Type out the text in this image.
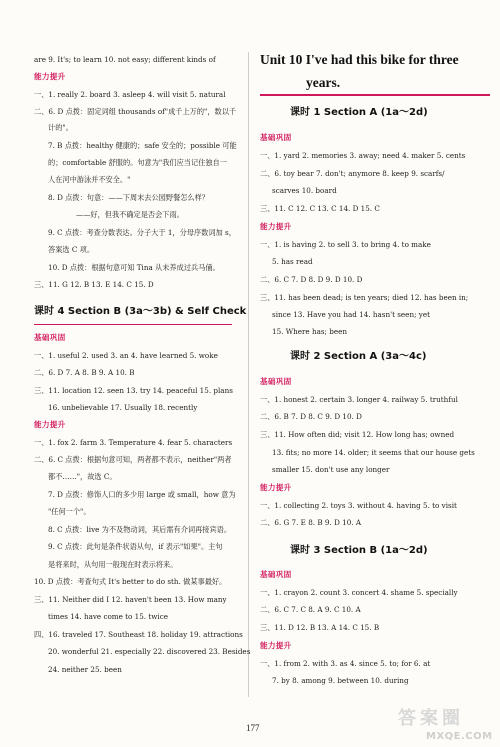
are 9. It's; to learn 10. not easy; different kinds of
能力提升
一、1. really 2. board 3. asleep 4. will visit 5. natural
二、6. D 点拨：固定词组 thousands of"成千上万的"，数以千
计的"。
7. B 点拨：healthy 健康的；safe 安全的；possible 可能
的；comfortable 舒服的。句意为"我们应当记住独自一
人在河中游泳并不安全。"
8. D 点拨：句意：——下周末去公园野餐怎么样？
——好，但我不确定是否会下雨。
9. C 点拨：考查分数表达。分子大于 1，分母序数词加 s，
答案选 C 项。
10. D 点拨：根据句意可知 Tina 从未养成过兵马俑。
三、11. G 12. B 13. E 14. C 15. D
课时 4 Section B (3a～3b) & Self Check
基础巩固
一、1. useful 2. used 3. an 4. have learned 5. woke
二、6. D 7. A 8. B 9. A 10. B
三、11. location 12. seen 13. try 14. peaceful 15. plans
16. unbelievable 17. Usually 18. recently
能力提升
一、1. fox 2. farm 3. Temperature 4. fear 5. characters
二、6. C 点拨：根据句意可知，两者都不表示，neither"两者
都不……"，故选 C。
7. D 点拨：修饰人口的多少用 large 或 small，how 意为
"任何一个"。
8. C 点拨：live 为不及物动词，其后需有介词再接宾语。
9. C 点拨：此句是条件状语从句，if 表示"如果"。主句
是将来时，从句用一般现在时表示将来。
10. D 点拨：考查句式 It's better to do sth. 做某事最好。
三、11. Neither did I 12. haven't been 13. How many
times 14. have come to 15. twice
四、16. traveled 17. Southeast 18. holiday 19. attractions
20. wonderful 21. especially 22. discovered 23. Besides
24. neither 25. been
Unit 10 I've had this bike for three
years.
课时 1 Section A (1a～2d)
基础巩固
一、1. yard 2. memories 3. away; need 4. maker 5. cents
二、6. toy bear 7. don't; anymore 8. keep 9. scarfs/
scarves 10. board
三、11. C 12. C 13. C 14. D 15. C
能力提升
一、1. is having 2. to sell 3. to bring 4. to make
5. has read
二、6. C 7. D 8. D 9. D 10. D
三、11. has been dead; is ten years; died 12. has been in;
since 13. Have you had 14. hasn't seen; yet
15. Where has; been
课时 2 Section A (3a～4c)
基础巩固
一、1. honest 2. certain 3. longer 4. railway 5. truthful
二、6. B 7. D 8. C 9. D 10. D
三、11. How often did; visit 12. How long has; owned
13. fits; no more 14. older; it seems that our house gets
smaller 15. don't use any longer
能力提升
一、1. collecting 2. toys 3. without 4. having 5. to visit
二、6. G 7. E 8. B 9. D 10. A
课时 3 Section B (1a～2d)
基础巩固
一、1. crayon 2. count 3. concert 4. shame 5. specially
二、6. C 7. C 8. A 9. C 10. A
三、11. D 12. B 13. A 14. C 15. B
能力提升
一、1. from 2. with 3. as 4. since 5. to; for 6. at
7. by 8. among 9. between 10. during
177	答案圈
MXQE.COM
